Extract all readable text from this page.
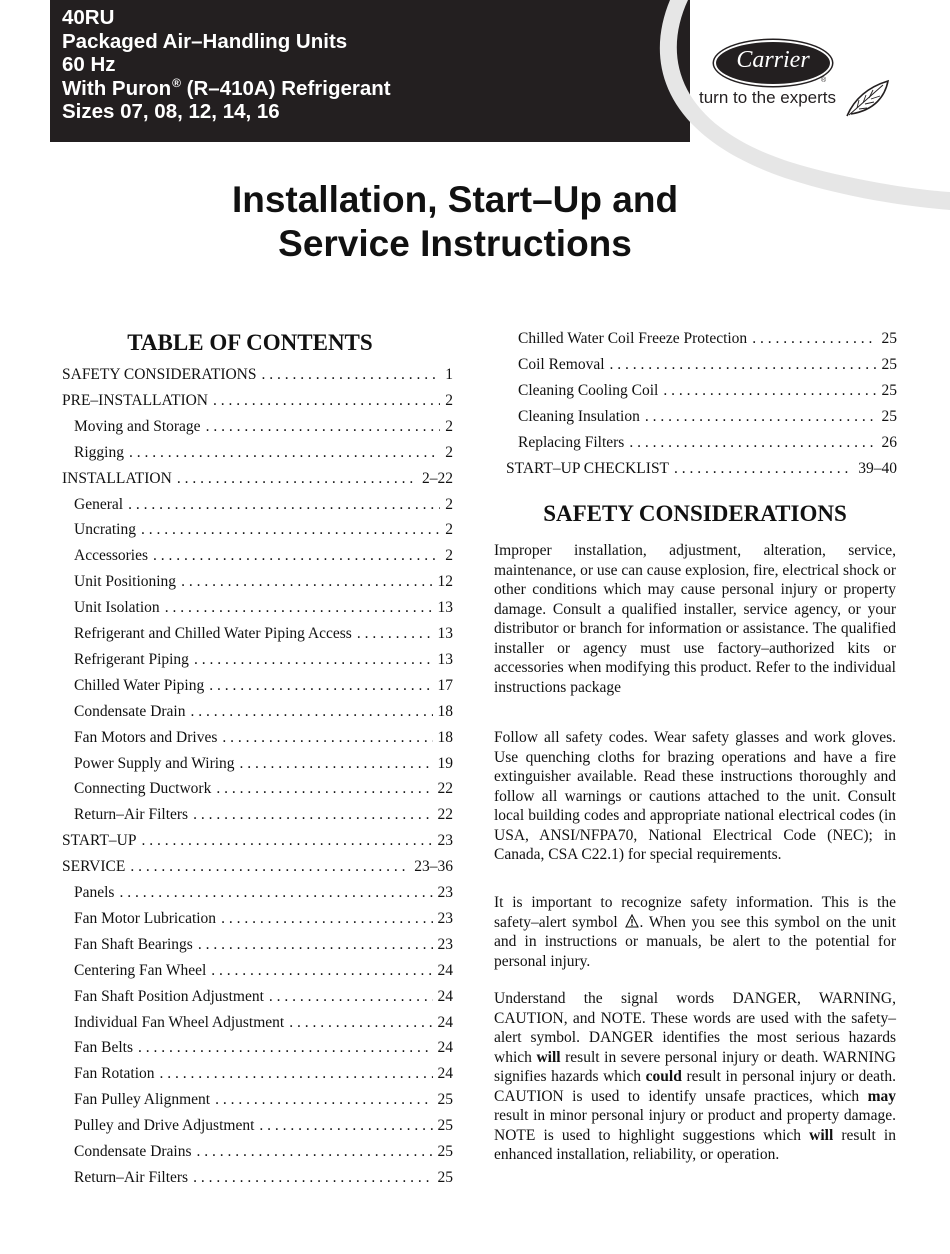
40RU
Packaged Air–Handling Units
60 Hz
With Puron® (R–410A) Refrigerant
Sizes 07, 08, 12, 14, 16
Carrier
®
turn to the experts
Installation, Start–Up and
Service Instructions
TABLE OF CONTENTS
SAFETY CONSIDERATIONS . . .	1
PRE–INSTALLATION . . .	2
Moving and Storage . . .	2
Rigging . . .	2
INSTALLATION . . .	2–22
General . . .	2
Uncrating . . .	2
Accessories . . .	2
Unit Positioning . . .	12
Unit Isolation . . .	13
Refrigerant and Chilled Water Piping Access . . .	13
Refrigerant Piping . . .	13
Chilled Water Piping . . .	17
Condensate Drain . . .	18
Fan Motors and Drives . . .	18
Power Supply and Wiring . . .	19
Connecting Ductwork . . .	22
Return–Air Filters . . .	22
START–UP . . .	23
SERVICE . . .	23–36
Panels . . .	23
Fan Motor Lubrication . . .	23
Fan Shaft Bearings . . .	23
Centering Fan Wheel . . .	24
Fan Shaft Position Adjustment . . .	24
Individual Fan Wheel Adjustment . . .	24
Fan Belts . . .	24
Fan Rotation . . .	24
Fan Pulley Alignment . . .	25
Pulley and Drive Adjustment . . .	25
Condensate Drains . . .	25
Return–Air Filters . . .	25
Chilled Water Coil Freeze Protection . . .	25
Coil Removal . . .	25
Cleaning Cooling Coil . . .	25
Cleaning Insulation . . .	25
Replacing Filters . . .	26
START–UP CHECKLIST . . .	39–40
SAFETY CONSIDERATIONS
Improper installation, adjustment, alteration, service, maintenance, or use can cause explosion, fire, electrical shock or other conditions which may cause personal injury or property damage. Consult a qualified installer, service agency, or your distributor or branch for information or assistance. The qualified installer or agency must use factory–authorized kits or accessories when modifying this product. Refer to the individual instructions package
Follow all safety codes. Wear safety glasses and work gloves. Use quenching cloths for brazing operations and have a fire extinguisher available. Read these instructions thoroughly and follow all warnings or cautions attached to the unit. Consult local building codes and appropriate national electrical codes (in USA, ANSI/NFPA70, National Electrical Code (NEC); in Canada, CSA C22.1) for special requirements.
It is important to recognize safety information. This is the safety–alert symbol . When you see this symbol on the unit and in instructions or manuals, be alert to the potential for personal injury.
Understand the signal words DANGER, WARNING, CAUTION, and NOTE. These words are used with the safety–alert symbol. DANGER identifies the most serious hazards which will result in severe personal injury or death. WARNING signifies hazards which could result in personal injury or death. CAUTION is used to identify unsafe practices, which may result in minor personal injury or product and property damage. NOTE is used to highlight suggestions which will result in enhanced installation, reliability, or operation.
